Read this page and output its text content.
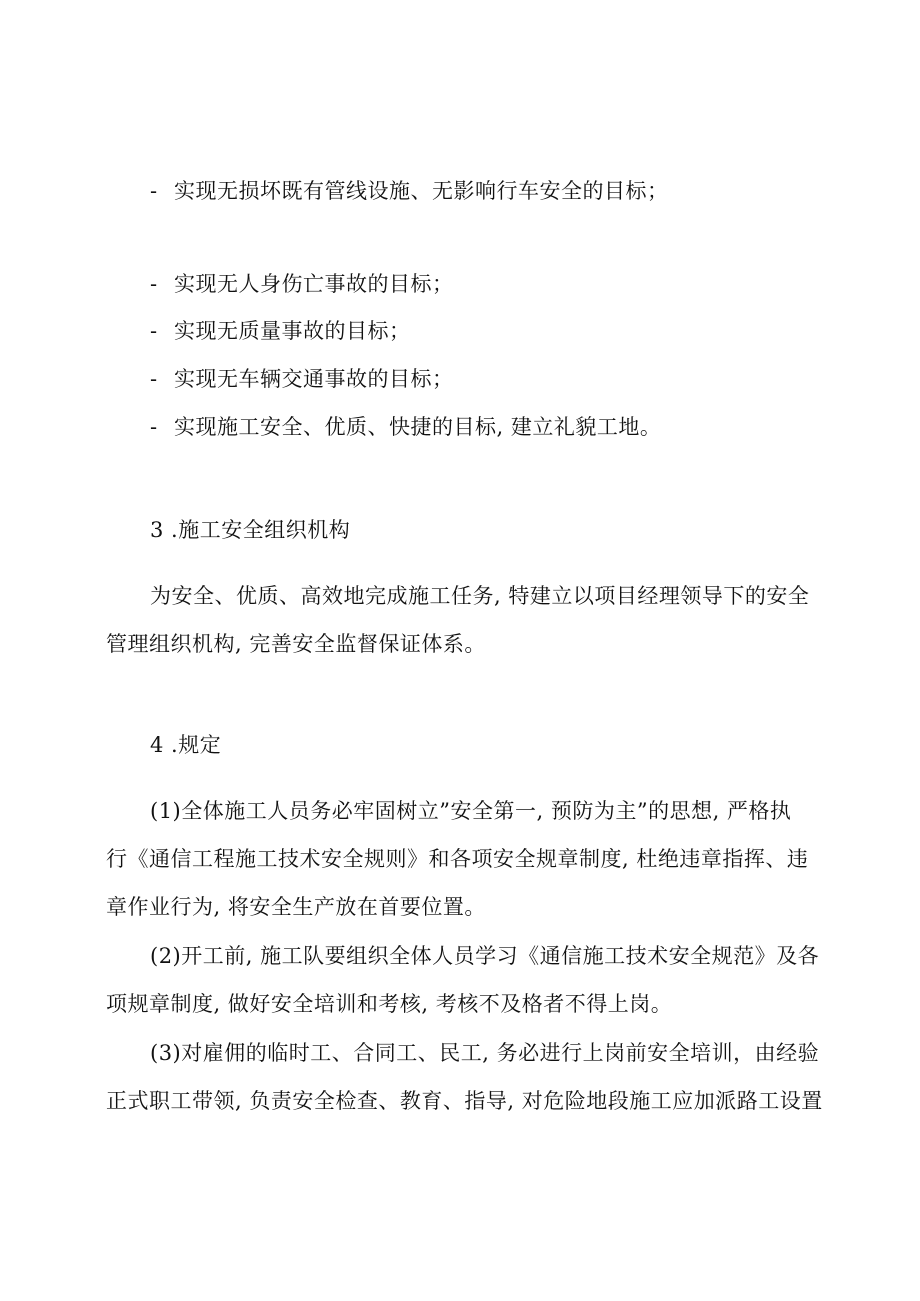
- 实现无损坏既有管线设施、无影响行车安全的目标；
- 实现无人身伤亡事故的目标；
- 实现无质量事故的目标；
- 实现无车辆交通事故的目标；
- 实现施工安全、优质、快捷的目标, 建立礼貌工地。
3 .施工安全组织机构
为安全、优质、高效地完成施工任务, 特建立以项目经理领导下的安全
管理组织机构, 完善安全监督保证体系。
4 .规定
(1)全体施工人员务必牢固树立”安全第一, 预防为主”的思想, 严格执
行《通信工程施工技术安全规则》和各项安全规章制度, 杜绝违章指挥、违
章作业行为, 将安全生产放在首要位置。
(2)开工前, 施工队要组织全体人员学习《通信施工技术安全规范》及各
项规章制度, 做好安全培训和考核, 考核不及格者不得上岗。
(3)对雇佣的临时工、合同工、民工, 务必进行上岗前安全培训，由经验
正式职工带领, 负责安全检查、教育、指导, 对危险地段施工应加派路工设置
